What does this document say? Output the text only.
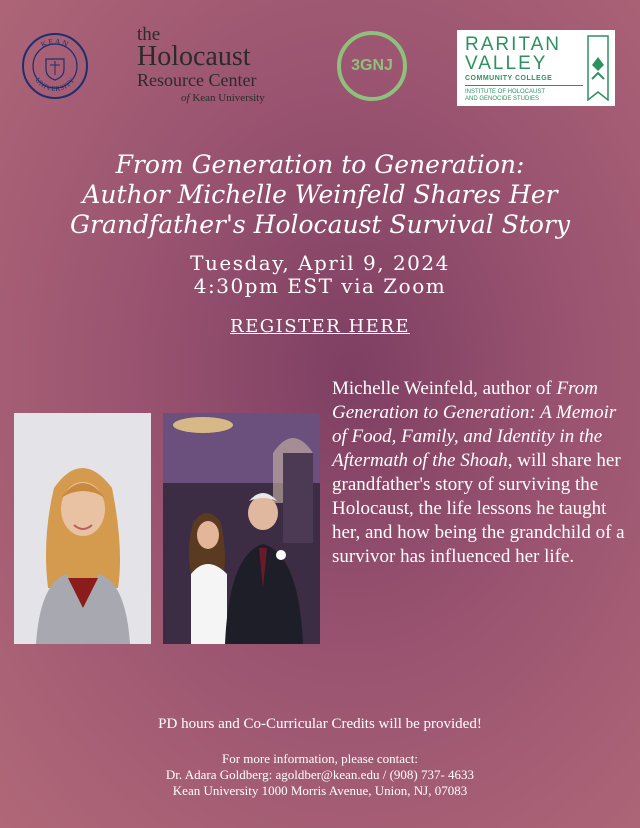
KEAN
UNIVERSITY
the
Holocaust
Resource Center
of Kean University
3GNJ
RARITAN
VALLEY
COMMUNITY COLLEGE
INSTITUTE OF HOLOCAUST
AND GENOCIDE STUDIES
From Generation to Generation:
Author Michelle Weinfeld Shares Her
Grandfather's Holocaust Survival Story
Tuesday, April 9, 2024
4:30pm EST via Zoom
REGISTER HERE
Michelle Weinfeld, author of From Generation to Generation: A Memoir of Food, Family, and Identity in the Aftermath of the Shoah, will share her grandfather's story of surviving the Holocaust, the life lessons he taught her, and how being the grandchild of a survivor has influenced her life.
PD hours and Co-Curricular Credits will be provided!
For more information, please contact:
Dr. Adara Goldberg: agoldber@kean.edu / (908) 737- 4633
Kean University 1000 Morris Avenue, Union, NJ, 07083
